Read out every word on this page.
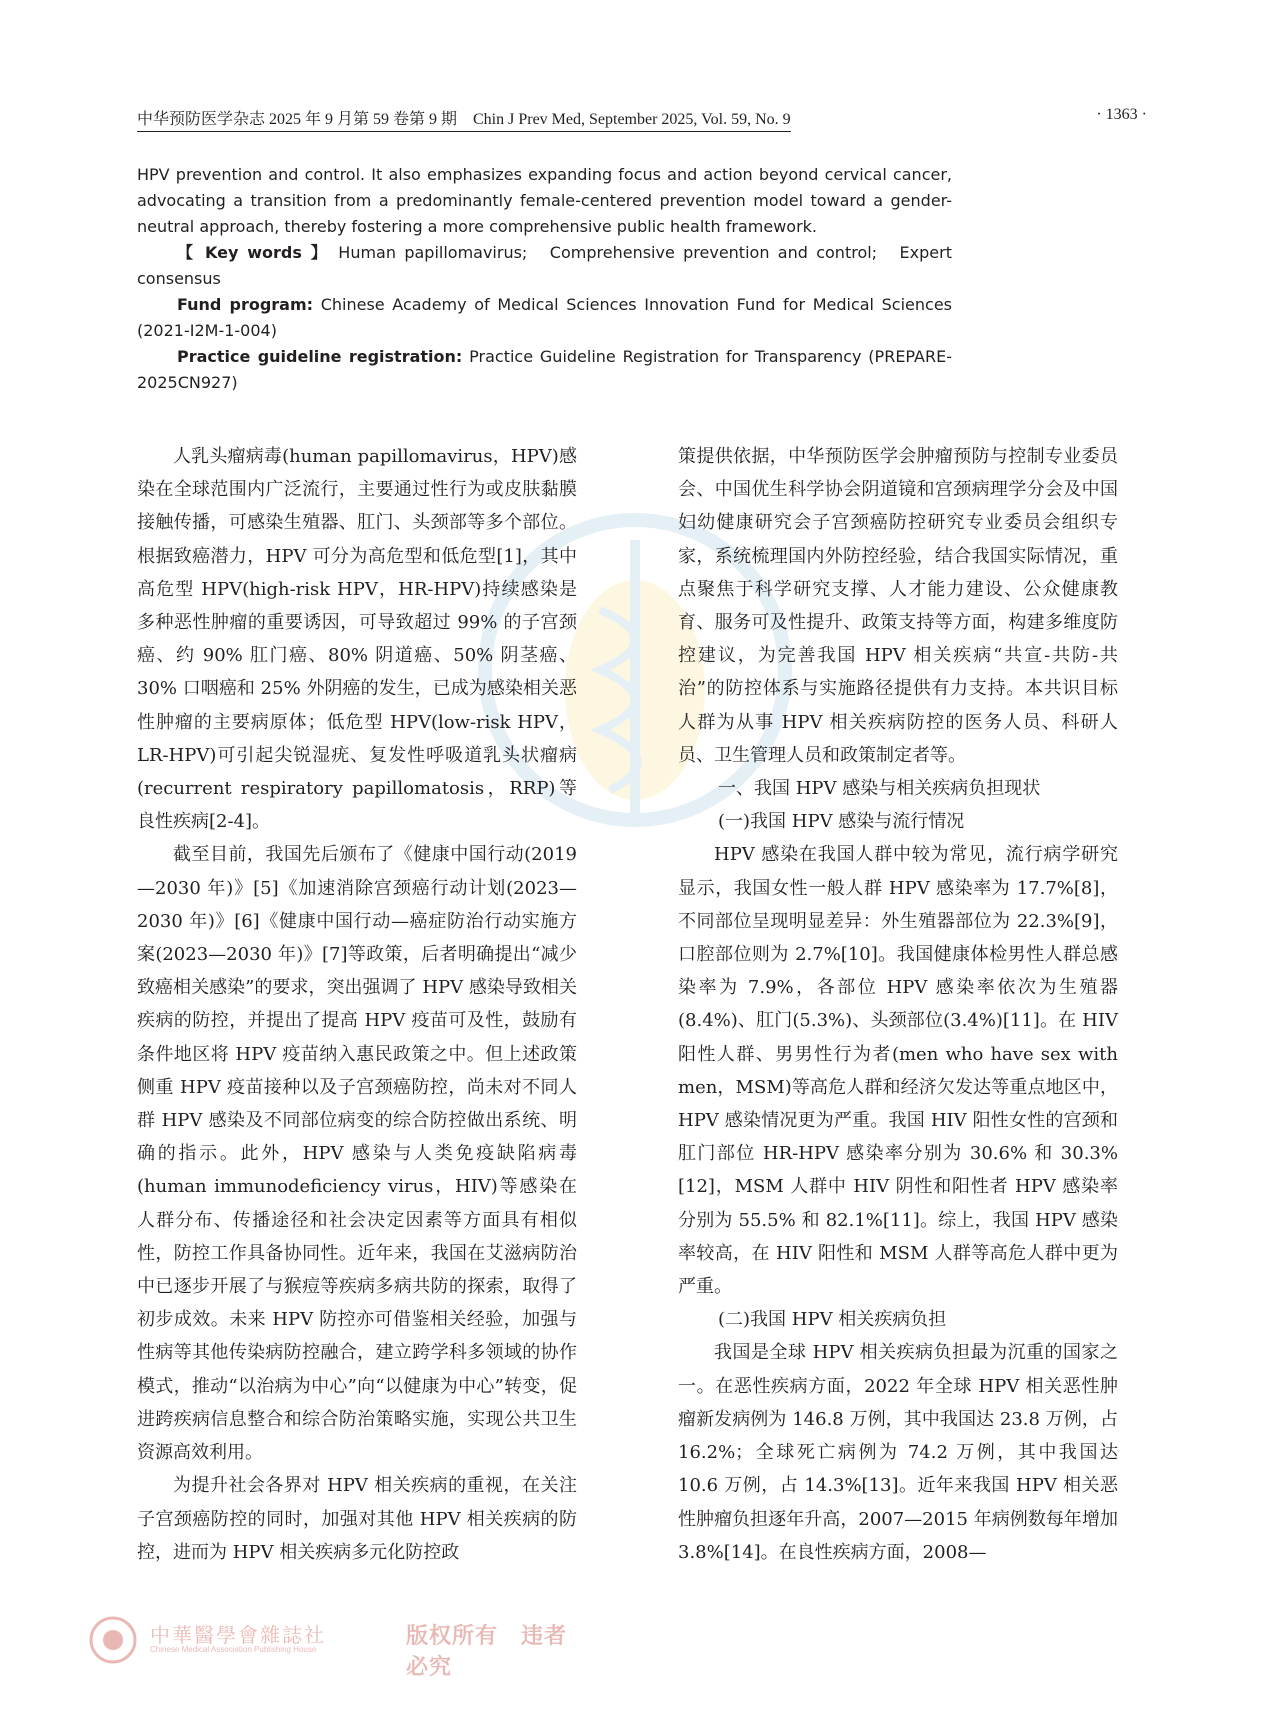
中华预防医学杂志 2025 年 9 月第 59 卷第 9 期　Chin J Prev Med, September 2025, Vol. 59, No. 9	· 1363 ·

HPV prevention and control. It also emphasizes expanding focus and action beyond cervical cancer, advocating a transition from a predominantly female-centered prevention model toward a gender-neutral approach, thereby fostering a more comprehensive public health framework.

【 Key words 】 Human papillomavirus;　Comprehensive prevention and control;　Expert consensus

Fund program: Chinese Academy of Medical Sciences Innovation Fund for Medical Sciences (2021-I2M-1-004)

Practice guideline registration: Practice Guideline Registration for Transparency (PREPARE-2025CN927)

人乳头瘤病毒(human papillomavirus，HPV)感染在全球范围内广泛流行，主要通过性行为或皮肤黏膜接触传播，可感染生殖器、肛门、头颈部等多个部位。根据致癌潜力，HPV 可分为高危型和低危型[1]，其中高危型 HPV(high-risk HPV，HR-HPV)持续感染是多种恶性肿瘤的重要诱因，可导致超过 99% 的子宫颈癌、约 90% 肛门癌、80% 阴道癌、50% 阴茎癌、30% 口咽癌和 25% 外阴癌的发生，已成为感染相关恶性肿瘤的主要病原体；低危型 HPV(low-risk HPV，LR-HPV)可引起尖锐湿疣、复发性呼吸道乳头状瘤病(recurrent respiratory papillomatosis，RRP)等良性疾病[2-4]。

截至目前，我国先后颁布了《健康中国行动(2019—2030 年)》[5]《加速消除宫颈癌行动计划(2023—2030 年)》[6]《健康中国行动—癌症防治行动实施方案(2023—2030 年)》[7]等政策，后者明确提出“减少致癌相关感染”的要求，突出强调了 HPV 感染导致相关疾病的防控，并提出了提高 HPV 疫苗可及性，鼓励有条件地区将 HPV 疫苗纳入惠民政策之中。但上述政策侧重 HPV 疫苗接种以及子宫颈癌防控，尚未对不同人群 HPV 感染及不同部位病变的综合防控做出系统、明确的指示。此外，HPV 感染与人类免疫缺陷病毒(human immunodeficiency virus，HIV)等感染在人群分布、传播途径和社会决定因素等方面具有相似性，防控工作具备协同性。近年来，我国在艾滋病防治中已逐步开展了与猴痘等疾病多病共防的探索，取得了初步成效。未来 HPV 防控亦可借鉴相关经验，加强与性病等其他传染病防控融合，建立跨学科多领域的协作模式，推动“以治病为中心”向“以健康为中心”转变，促进跨疾病信息整合和综合防治策略实施，实现公共卫生资源高效利用。

为提升社会各界对 HPV 相关疾病的重视，在关注子宫颈癌防控的同时，加强对其他 HPV 相关疾病的防控，进而为 HPV 相关疾病多元化防控政

策提供依据，中华预防医学会肿瘤预防与控制专业委员会、中国优生科学协会阴道镜和宫颈病理学分会及中国妇幼健康研究会子宫颈癌防控研究专业委员会组织专家，系统梳理国内外防控经验，结合我国实际情况，重点聚焦于科学研究支撑、人才能力建设、公众健康教育、服务可及性提升、政策支持等方面，构建多维度防控建议，为完善我国 HPV 相关疾病“共宣-共防-共治”的防控体系与实施路径提供有力支持。本共识目标人群为从事 HPV 相关疾病防控的医务人员、科研人员、卫生管理人员和政策制定者等。

一、我国 HPV 感染与相关疾病负担现状

(一)我国 HPV 感染与流行情况

HPV 感染在我国人群中较为常见，流行病学研究显示，我国女性一般人群 HPV 感染率为 17.7%[8]，不同部位呈现明显差异：外生殖器部位为 22.3%[9]，口腔部位则为 2.7%[10]。我国健康体检男性人群总感染率为 7.9%，各部位 HPV 感染率依次为生殖器(8.4%)、肛门(5.3%)、头颈部位(3.4%)[11]。在 HIV 阳性人群、男男性行为者(men who have sex with men，MSM)等高危人群和经济欠发达等重点地区中，HPV 感染情况更为严重。我国 HIV 阳性女性的宫颈和肛门部位 HR-HPV 感染率分别为 30.6% 和 30.3%[12]，MSM 人群中 HIV 阴性和阳性者 HPV 感染率分别为 55.5% 和 82.1%[11]。综上，我国 HPV 感染率较高，在 HIV 阳性和 MSM 人群等高危人群中更为严重。

(二)我国 HPV 相关疾病负担

我国是全球 HPV 相关疾病负担最为沉重的国家之一。在恶性疾病方面，2022 年全球 HPV 相关恶性肿瘤新发病例为 146.8 万例，其中我国达 23.8 万例，占 16.2%；全球死亡病例为 74.2 万例，其中我国达 10.6 万例，占 14.3%[13]。近年来我国 HPV 相关恶性肿瘤负担逐年升高，2007—2015 年病例数每年增加 3.8%[14]。在良性疾病方面，2008—

中華醫學會雜誌社
Chinese Medical Association Publishing House
版权所有　违者必究
